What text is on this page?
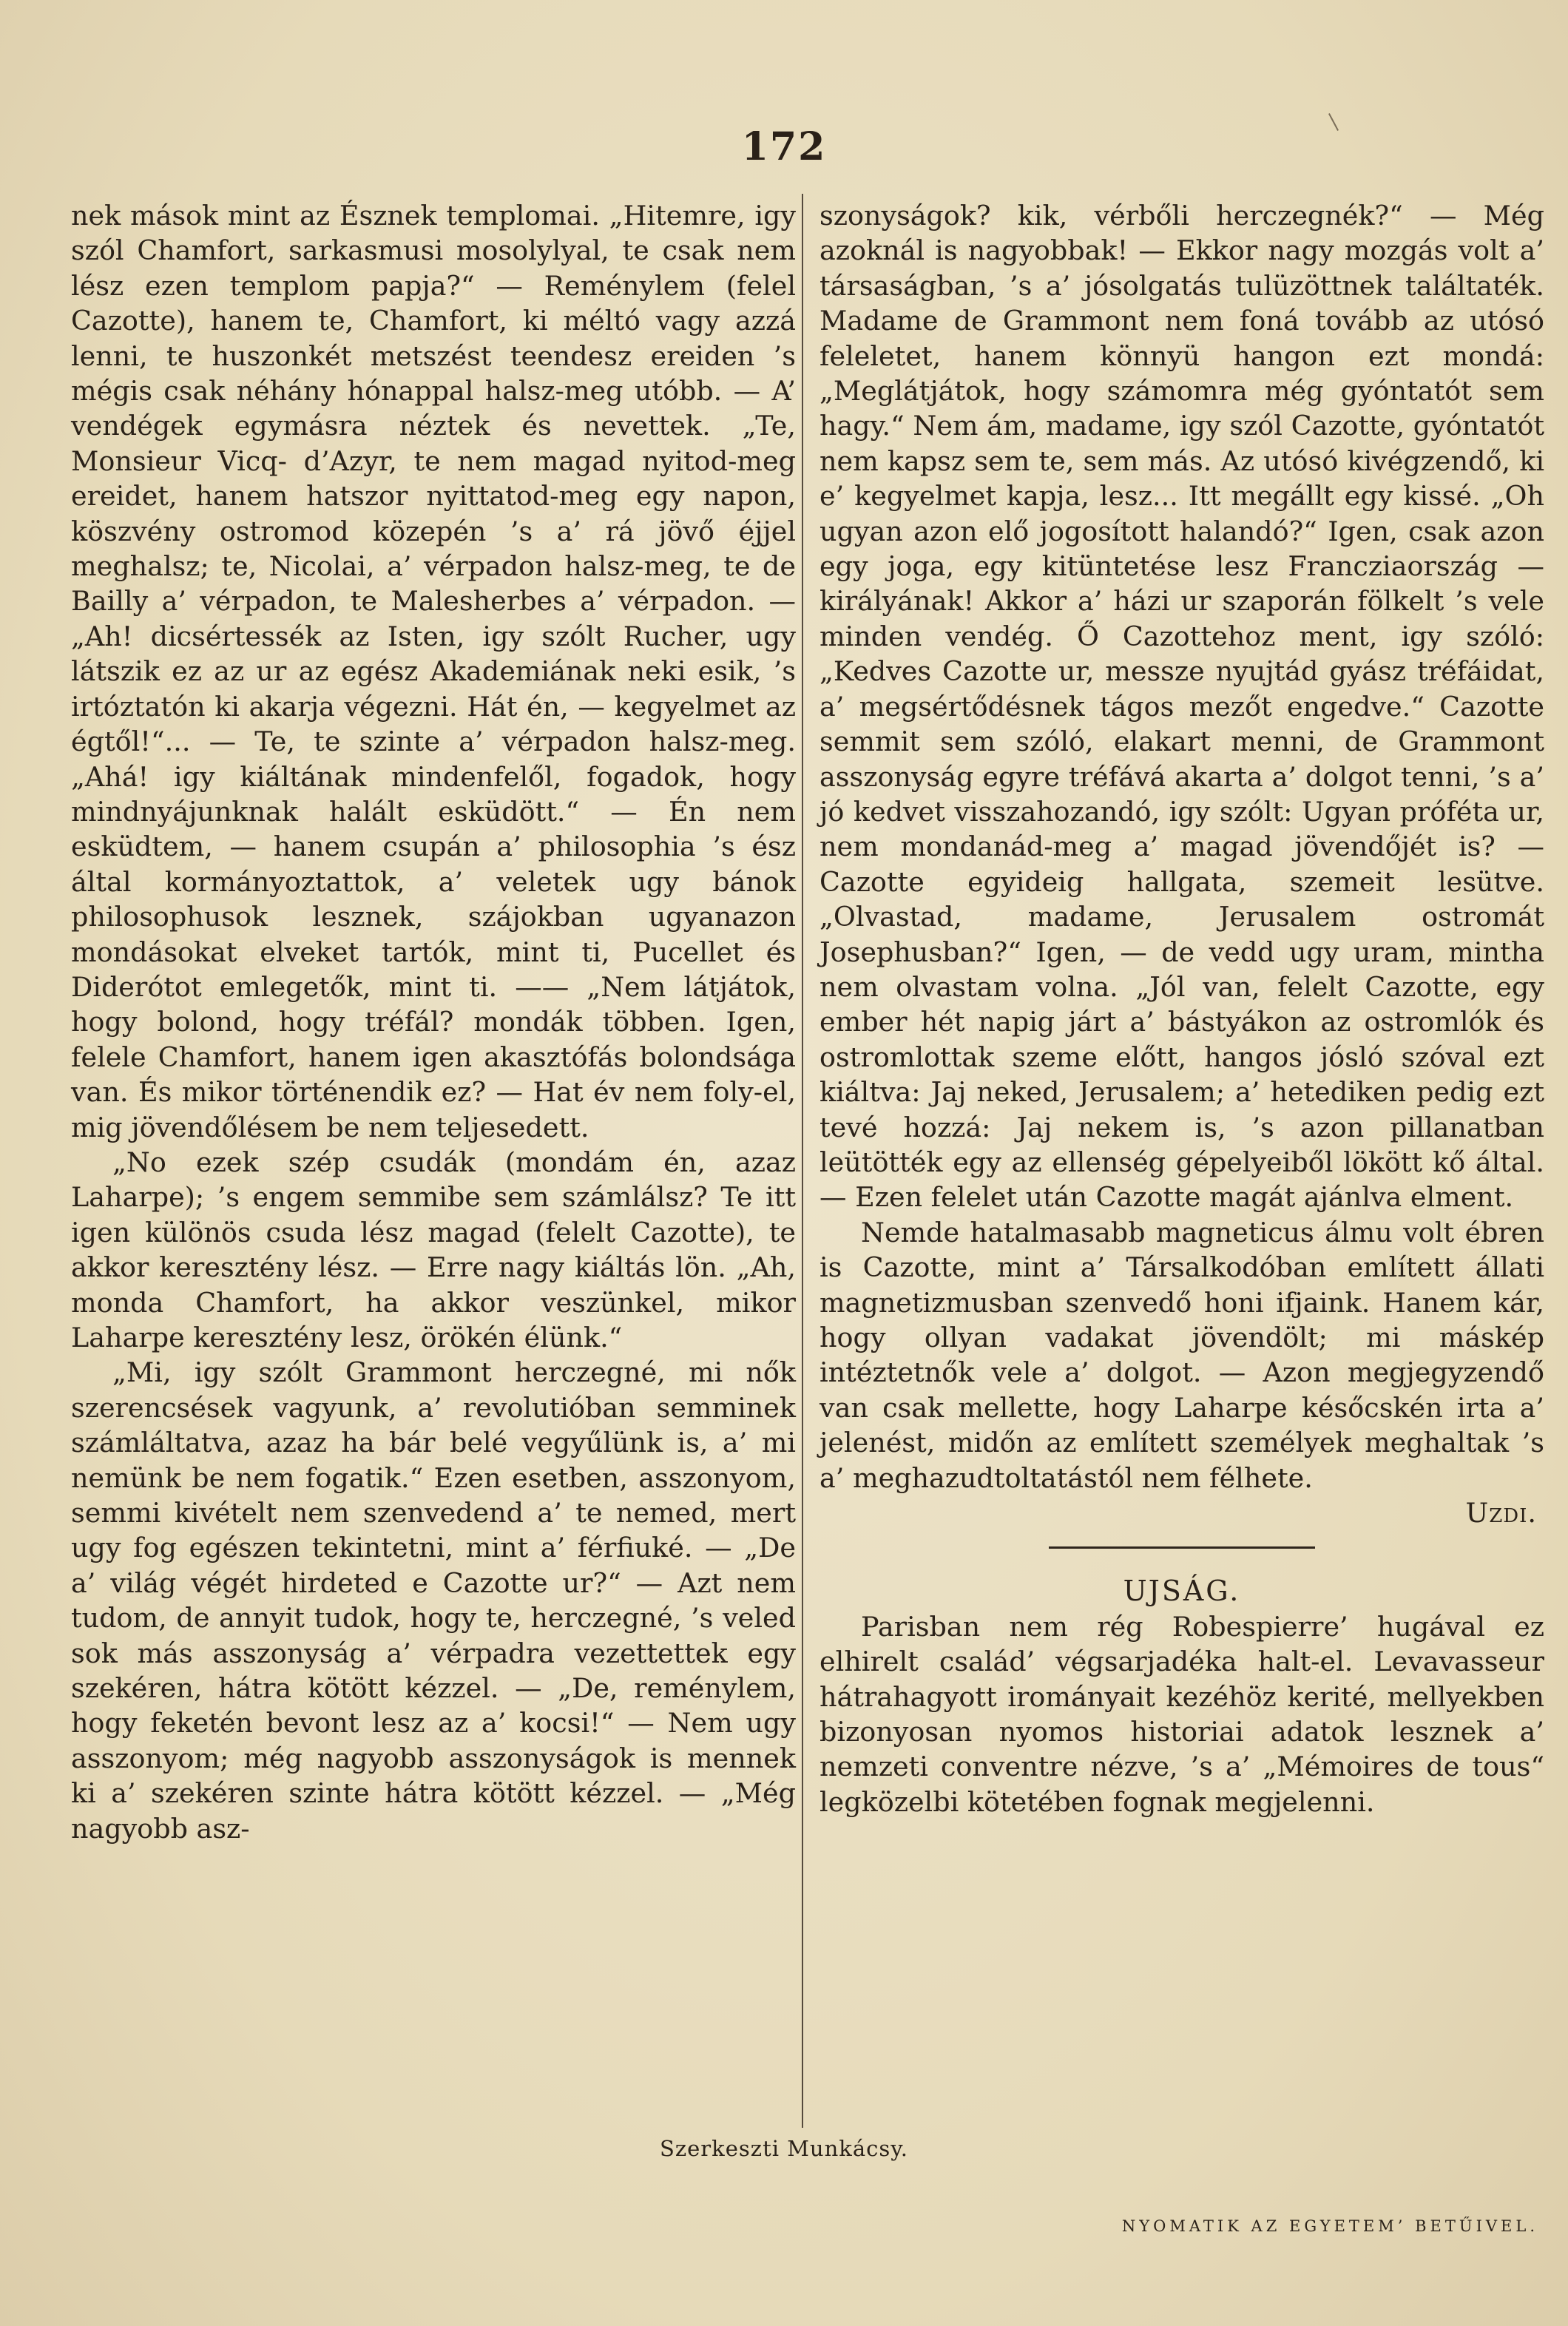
172

nek mások mint az Észnek templomai. „Hitemre, igy szól Chamfort, sarkasmusi mosolylyal, te csak nem lész ezen templom papja?“ — Reménylem (felel Cazotte), hanem te, Chamfort, ki méltó vagy azzá lenni, te huszonkét metszést teendesz ereiden ’s mégis csak néhány hónappal halsz-meg utóbb. — A’ vendégek egymásra néztek és nevettek. „Te, Monsieur Vicq- d’Azyr, te nem magad nyitod-meg ereidet, hanem hatszor nyittatod-meg egy napon, köszvény ostromod közepén ’s a’ rá jövő éjjel meghalsz; te, Nicolai, a’ vérpadon halsz-meg, te de Bailly a’ vérpadon, te Malesherbes a’ vérpadon. — „Ah! dicsértessék az Isten, igy szólt Rucher, ugy látszik ez az ur az egész Akademiának neki esik, ’s irtóztatón ki akarja végezni. Hát én, — kegyelmet az égtől!“... — Te, te szinte a’ vérpadon halsz-meg. „Ahá! igy kiáltának mindenfelől, fogadok, hogy mindnyájunknak halált esküdött.“ — Én nem esküdtem, — hanem csupán a’ philosophia ’s ész által kormányoztattok, a’ veletek ugy bánok philosophusok lesznek, szájokban ugyanazon mondásokat elveket tartók, mint ti, Pucellet és Diderótot emlegetők, mint ti. —— „Nem látjátok, hogy bolond, hogy tréfál? mondák többen. Igen, felele Chamfort, hanem igen akasztófás bolondsága van. És mikor történendik ez? — Hat év nem foly-el, mig jövendőlésem be nem teljesedett.

„No ezek szép csudák (mondám én, azaz Laharpe); ’s engem semmibe sem számlálsz? Te itt igen különös csuda lész magad (felelt Cazotte), te akkor keresztény lész. — Erre nagy kiáltás lön. „Ah, monda Chamfort, ha akkor veszünkel, mikor Laharpe keresztény lesz, örökén élünk.“

„Mi, igy szólt Grammont herczegné, mi nők szerencsések vagyunk, a’ revolutióban semminek számláltatva, azaz ha bár belé vegyűlünk is, a’ mi nemünk be nem fogatik.“ Ezen esetben, asszonyom, semmi kivételt nem szenvedend a’ te nemed, mert ugy fog egészen tekintetni, mint a’ férfiuké. — „De a’ világ végét hirdeted e Cazotte ur?“ — Azt nem tudom, de annyit tudok, hogy te, herczegné, ’s veled sok más asszonyság a’ vérpadra vezettettek egy szekéren, hátra kötött kézzel. — „De, reménylem, hogy feketén bevont lesz az a’ kocsi!“ — Nem ugy asszonyom; még nagyobb asszonyságok is mennek ki a’ szekéren szinte hátra kötött kézzel. — „Még nagyobb asz-

szonyságok? kik, vérbőli herczegnék?“ — Még azoknál is nagyobbak! — Ekkor nagy mozgás volt a’ társaságban, ’s a’ jósolgatás tulüzöttnek találtaték. Madame de Grammont nem foná tovább az utósó feleletet, hanem könnyü hangon ezt mondá: „Meglátjátok, hogy számomra még gyóntatót sem hagy.“ Nem ám, madame, igy szól Cazotte, gyóntatót nem kapsz sem te, sem más. Az utósó kivégzendő, ki e’ kegyelmet kapja, lesz... Itt megállt egy kissé. „Oh ugyan azon elő jogosított halandó?“ Igen, csak azon egy joga, egy kitüntetése lesz Francziaország — királyának! Akkor a’ házi ur szaporán fölkelt ’s vele minden vendég. Ő Cazottehoz ment, igy szóló: „Kedves Cazotte ur, messze nyujtád gyász tréfáidat, a’ megsértődésnek tágos mezőt engedve.“ Cazotte semmit sem szóló, elakart menni, de Grammont asszonyság egyre tréfává akarta a’ dolgot tenni, ’s a’ jó kedvet visszahozandó, igy szólt: Ugyan próféta ur, nem mondanád-meg a’ magad jövendőjét is? — Cazotte egyideig hallgata, szemeit lesütve. „Olvastad, madame, Jerusalem ostromát Josephusban?“ Igen, — de vedd ugy uram, mintha nem olvastam volna. „Jól van, felelt Cazotte, egy ember hét napig járt a’ bástyákon az ostromlók és ostromlottak szeme előtt, hangos jósló szóval ezt kiáltva: Jaj neked, Jerusalem; a’ hetediken pedig ezt tevé hozzá: Jaj nekem is, ’s azon pillanatban leütötték egy az ellenség gépelyeiből lökött kő által. — Ezen felelet után Cazotte magát ajánlva elment.

Nemde hatalmasabb magneticus álmu volt ébren is Cazotte, mint a’ Társalkodóban említett állati magnetizmusban szenvedő honi ifjaink. Hanem kár, hogy ollyan vadakat jövendölt; mi máskép intéztetnők vele a’ dolgot. — Azon megjegyzendő van csak mellette, hogy Laharpe későcskén irta a’ jelenést, midőn az említett személyek meghaltak ’s a’ meghazudtoltatástól nem félhete.

Uzdi.

UJSÁG.

Parisban nem rég Robespierre’ hugával ez elhirelt család’ végsarjadéka halt-el. Levavasseur hátrahagyott irományait kezéhöz kerité, mellyekben bizonyosan nyomos historiai adatok lesznek a’ nemzeti conventre nézve, ’s a’ „Mémoires de tous“ legközelbi kötetében fognak megjelenni.

Szerkeszti Munkácsy.
NYOMATIK AZ EGYETEM’ BETŰIVEL.
